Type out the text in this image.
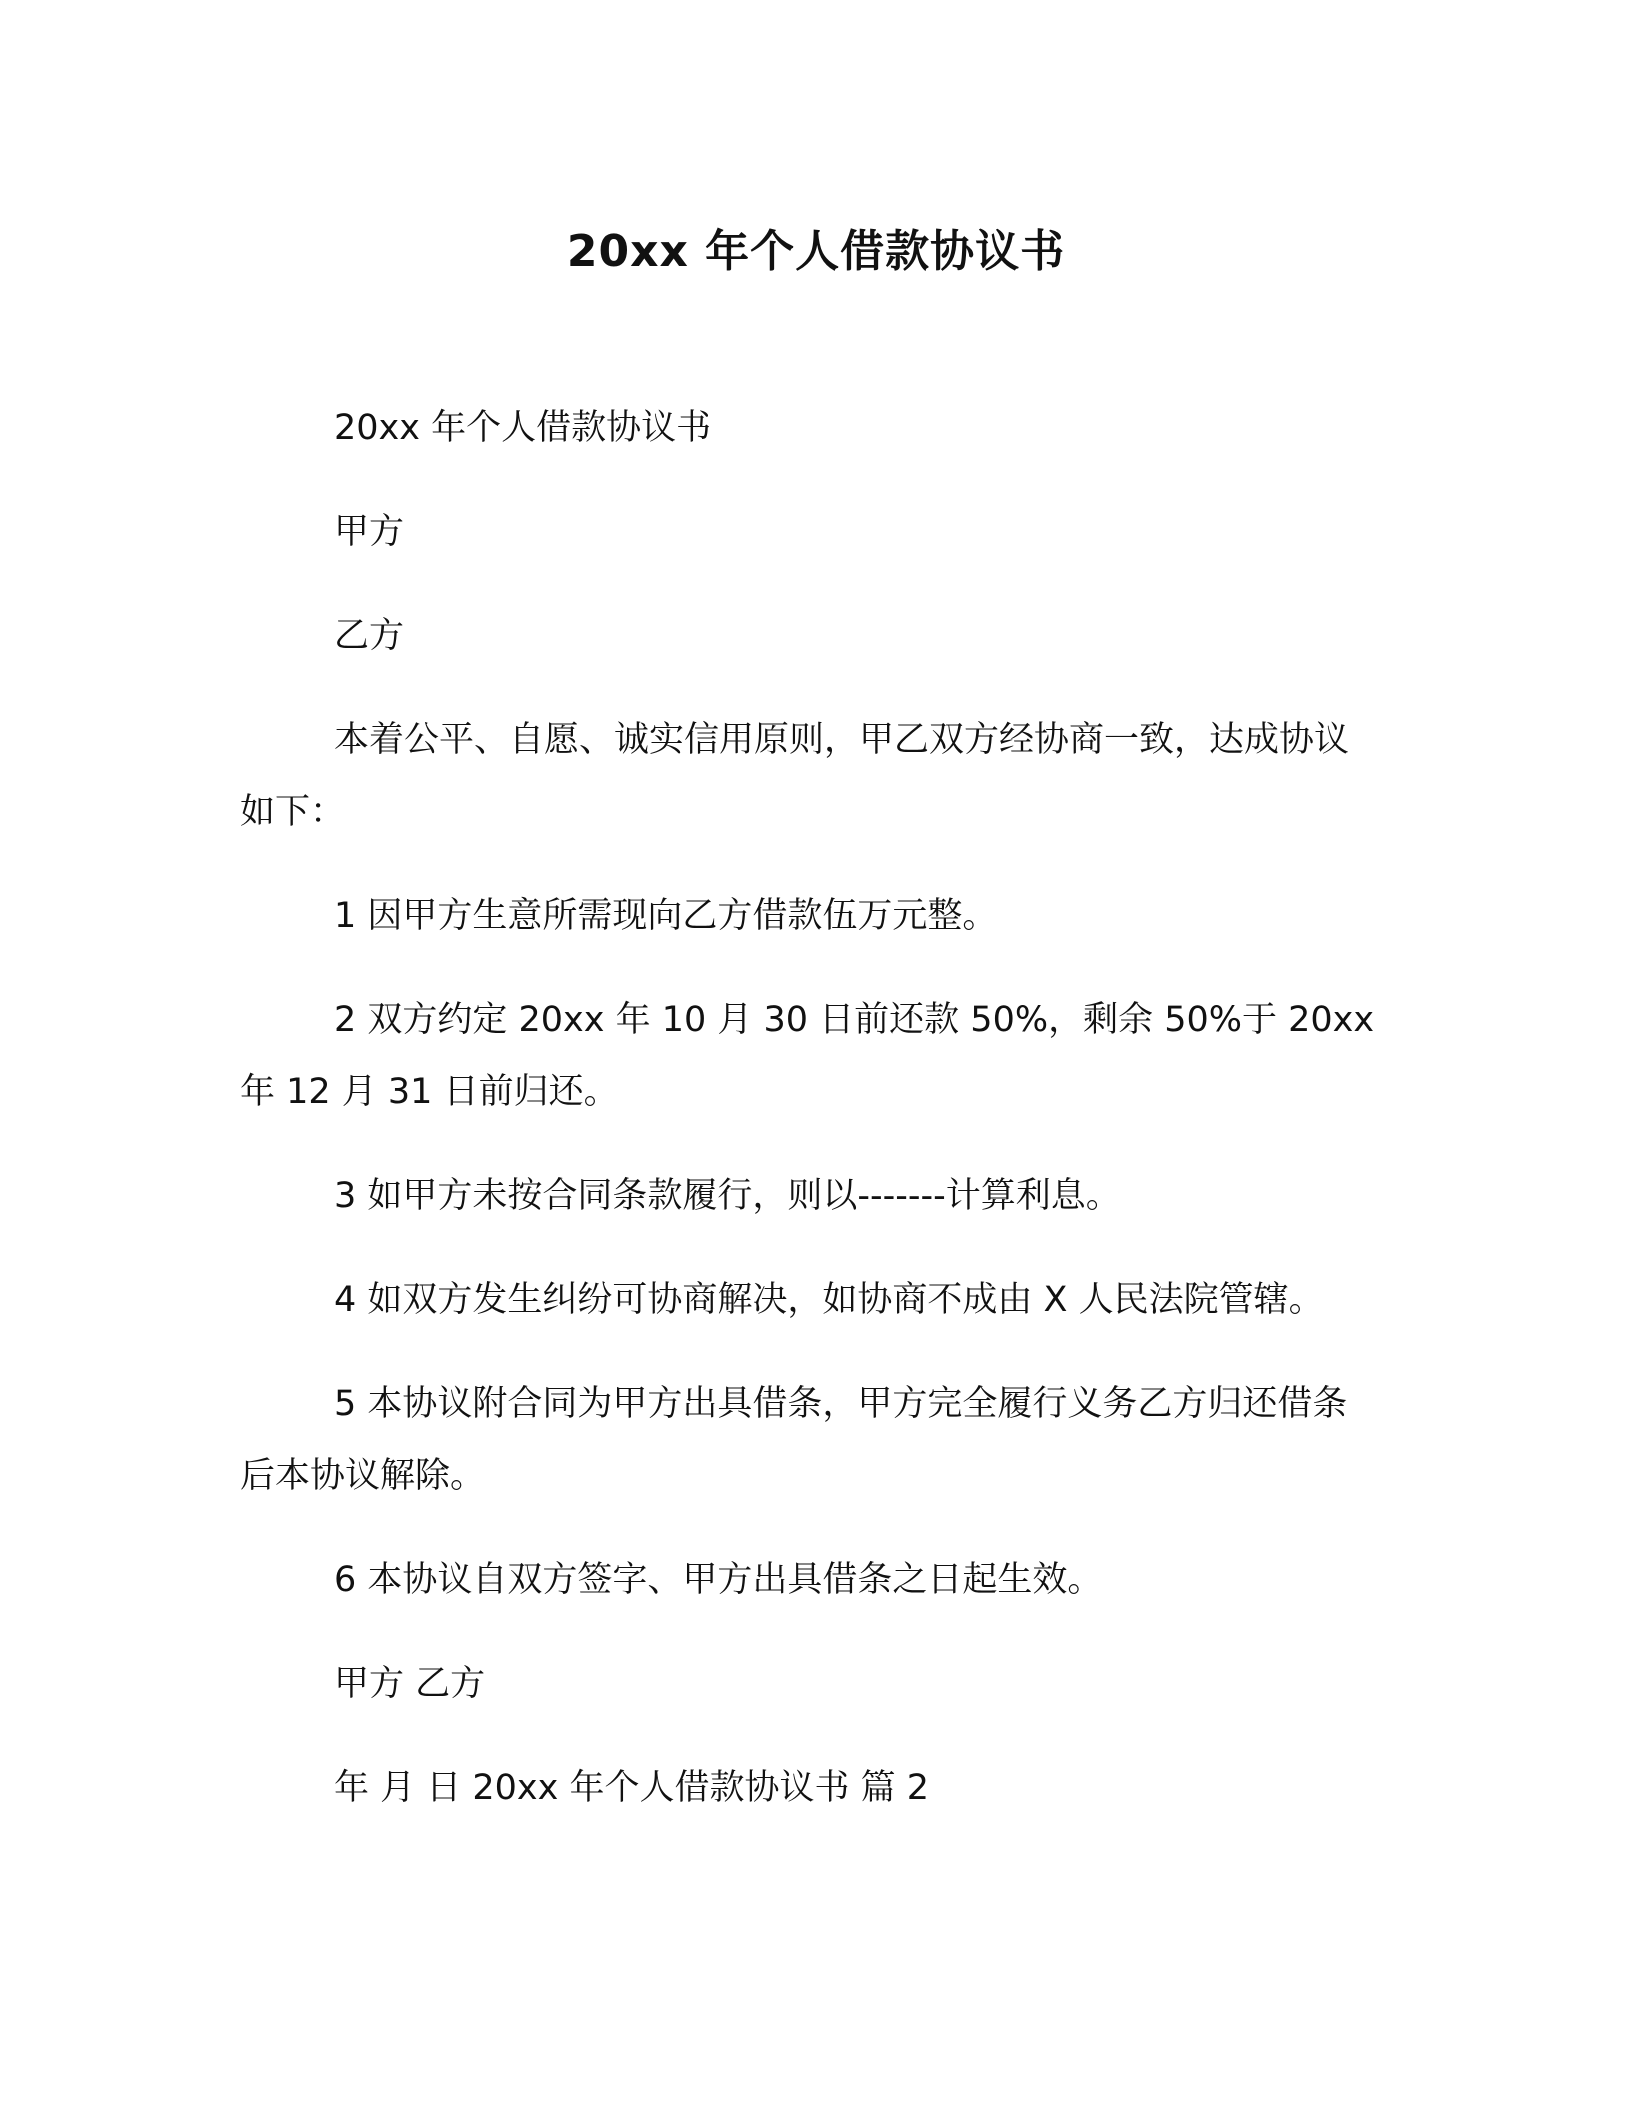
20xx 年个人借款协议书

20xx 年个人借款协议书

甲方

乙方

本着公平、自愿、诚实信用原则，甲乙双方经协商一致，达成协议如下：

1 因甲方生意所需现向乙方借款伍万元整。

2 双方约定 20xx 年 10 月 30 日前还款 50%，剩余 50%于 20xx 年 12 月 31 日前归还。

3 如甲方未按合同条款履行，则以-------计算利息。

4 如双方发生纠纷可协商解决，如协商不成由 X 人民法院管辖。

5 本协议附合同为甲方出具借条，甲方完全履行义务乙方归还借条后本协议解除。

6 本协议自双方签字、甲方出具借条之日起生效。

甲方 乙方

年 月 日 20xx 年个人借款协议书 篇 2
